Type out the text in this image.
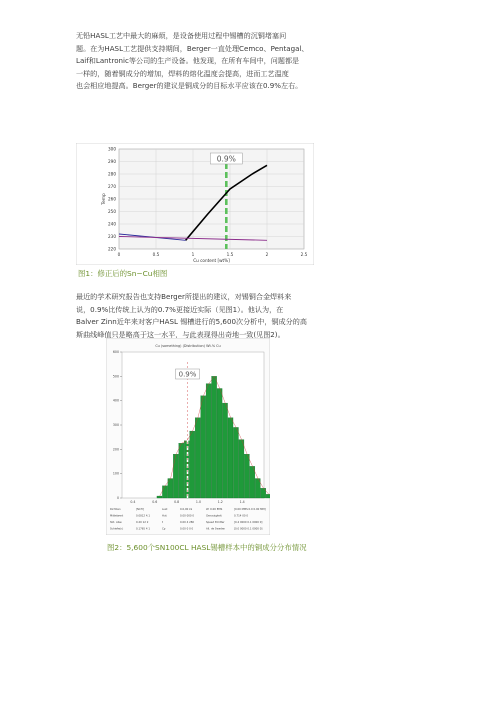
无铅HASL工艺中最大的麻烦，是设备使用过程中锡槽的沉铜堵塞问
题。在为HASL工艺提供支持期间，Berger一直处理Cemco、Pentagal、
Laif和Lantronic等公司的生产设备。他发现，在所有车间中，问题都是
一样的，随着铜成分的增加，焊料的熔化温度会提高，进而工艺温度
也会相应地提高。Berger的建议是铜成分的目标水平应该在0.9%左右。
220
230
240
250
260
270
280
290
300
0	0.5	1	1.5	2	2.5
Cu content [wt%]
Temp
0.9%
图1：修正后的Sn−Cu相图
最近的学术研究报告也支持Berger所提出的建议，对锡铜合金焊料来
说，0.9%比传统上认为的0.7%更接近实际（见图1）。他认为，在
Balver Zinn近年来对客户HASL 锡槽进行的5,600次分析中，铜成分的高
斯曲线峰值只是略高于这一水平，与此表现得出奇地一致(见图2)。
Cu (something) (Distribution) Wt.% Cu
0
100
200
300
400
500
600
0.4	0.6	0.8	1.0	1.2	1.4
0.9%
Richtien	[NCH]	Lust	0.0,00 LS	W: 0.00 EMS	[0.00 MMS 0.0 0.00 MM]
Mittelwert	0.0812 4.1	Hut	0.00 000 0	Genauigkeit	0.714 00 0
Std. Abw.	0.20 12 2	t	0.00 4 280	Speed Emitter	[0.4 0000 0.1 0000 0]
Schiefe(n)	0.1765 4 1	Cp	0.00 0 0 0	All. de Sweden	[0.0 0000 0.1 0000 0]
图2：5,600个SN100CL HASL锡槽样本中的铜成分分布情况
